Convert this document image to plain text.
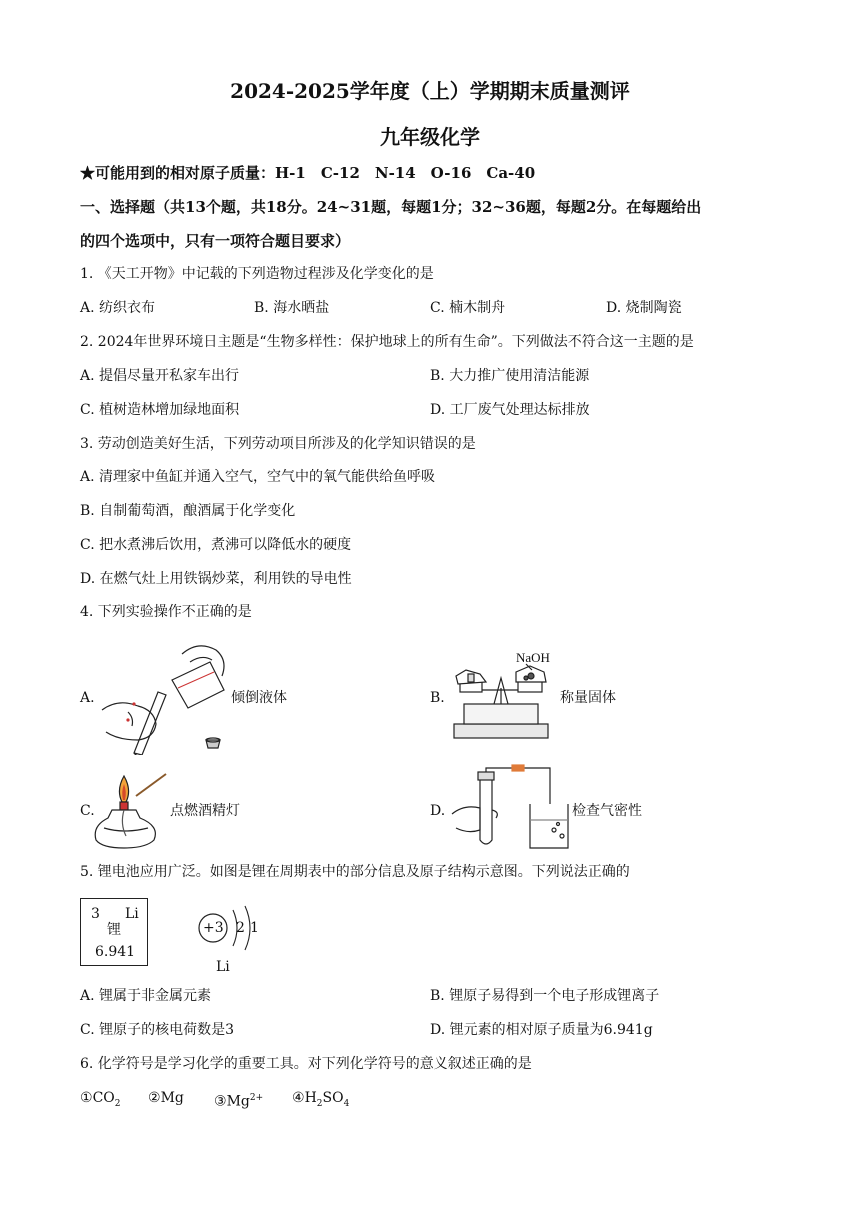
2024-2025学年度（上）学期期末质量测评
九年级化学
★可能用到的相对原子质量：H-1　C-12　N-14　O-16　Ca-40
一、选择题（共13个题，共18分。24~31题，每题1分；32~36题，每题2分。在每题给出
的四个选项中，只有一项符合题目要求）
1. 《天工开物》中记载的下列造物过程涉及化学变化的是
A. 纺织衣布	B. 海水晒盐	C. 楠木制舟	D. 烧制陶瓷
2. 2024年世界环境日主题是“生物多样性：保护地球上的所有生命”。下列做法不符合这一主题的是
A. 提倡尽量开私家车出行	B. 大力推广使用清洁能源
C. 植树造林增加绿地面积	D. 工厂废气处理达标排放
3. 劳动创造美好生活，下列劳动项目所涉及的化学知识错误的是
A. 清理家中鱼缸并通入空气，空气中的氧气能供给鱼呼吸
B. 自制葡萄酒，酿酒属于化学变化
C. 把水煮沸后饮用，煮沸可以降低水的硬度
D. 在燃气灶上用铁锅炒菜，利用铁的导电性
4. 下列实验操作不正确的是
A.	倾倒液体	B.
NaOH
称量固体
C.	点燃酒精灯	D.	检查气密性
5. 锂电池应用广泛。如图是锂在周期表中的部分信息及原子结构示意图。下列说法正确的
3 Li
锂
6.941
+3 2 1
Li
A. 锂属于非金属元素	B. 锂原子易得到一个电子形成锂离子
C. 锂原子的核电荷数是3	D. 锂元素的相对原子质量为6.941g
6. 化学符号是学习化学的重要工具。对下列化学符号的意义叙述正确的是
$①CO_2$ ②Mg $③Mg^{2+}$ $④H_2SO_4$
